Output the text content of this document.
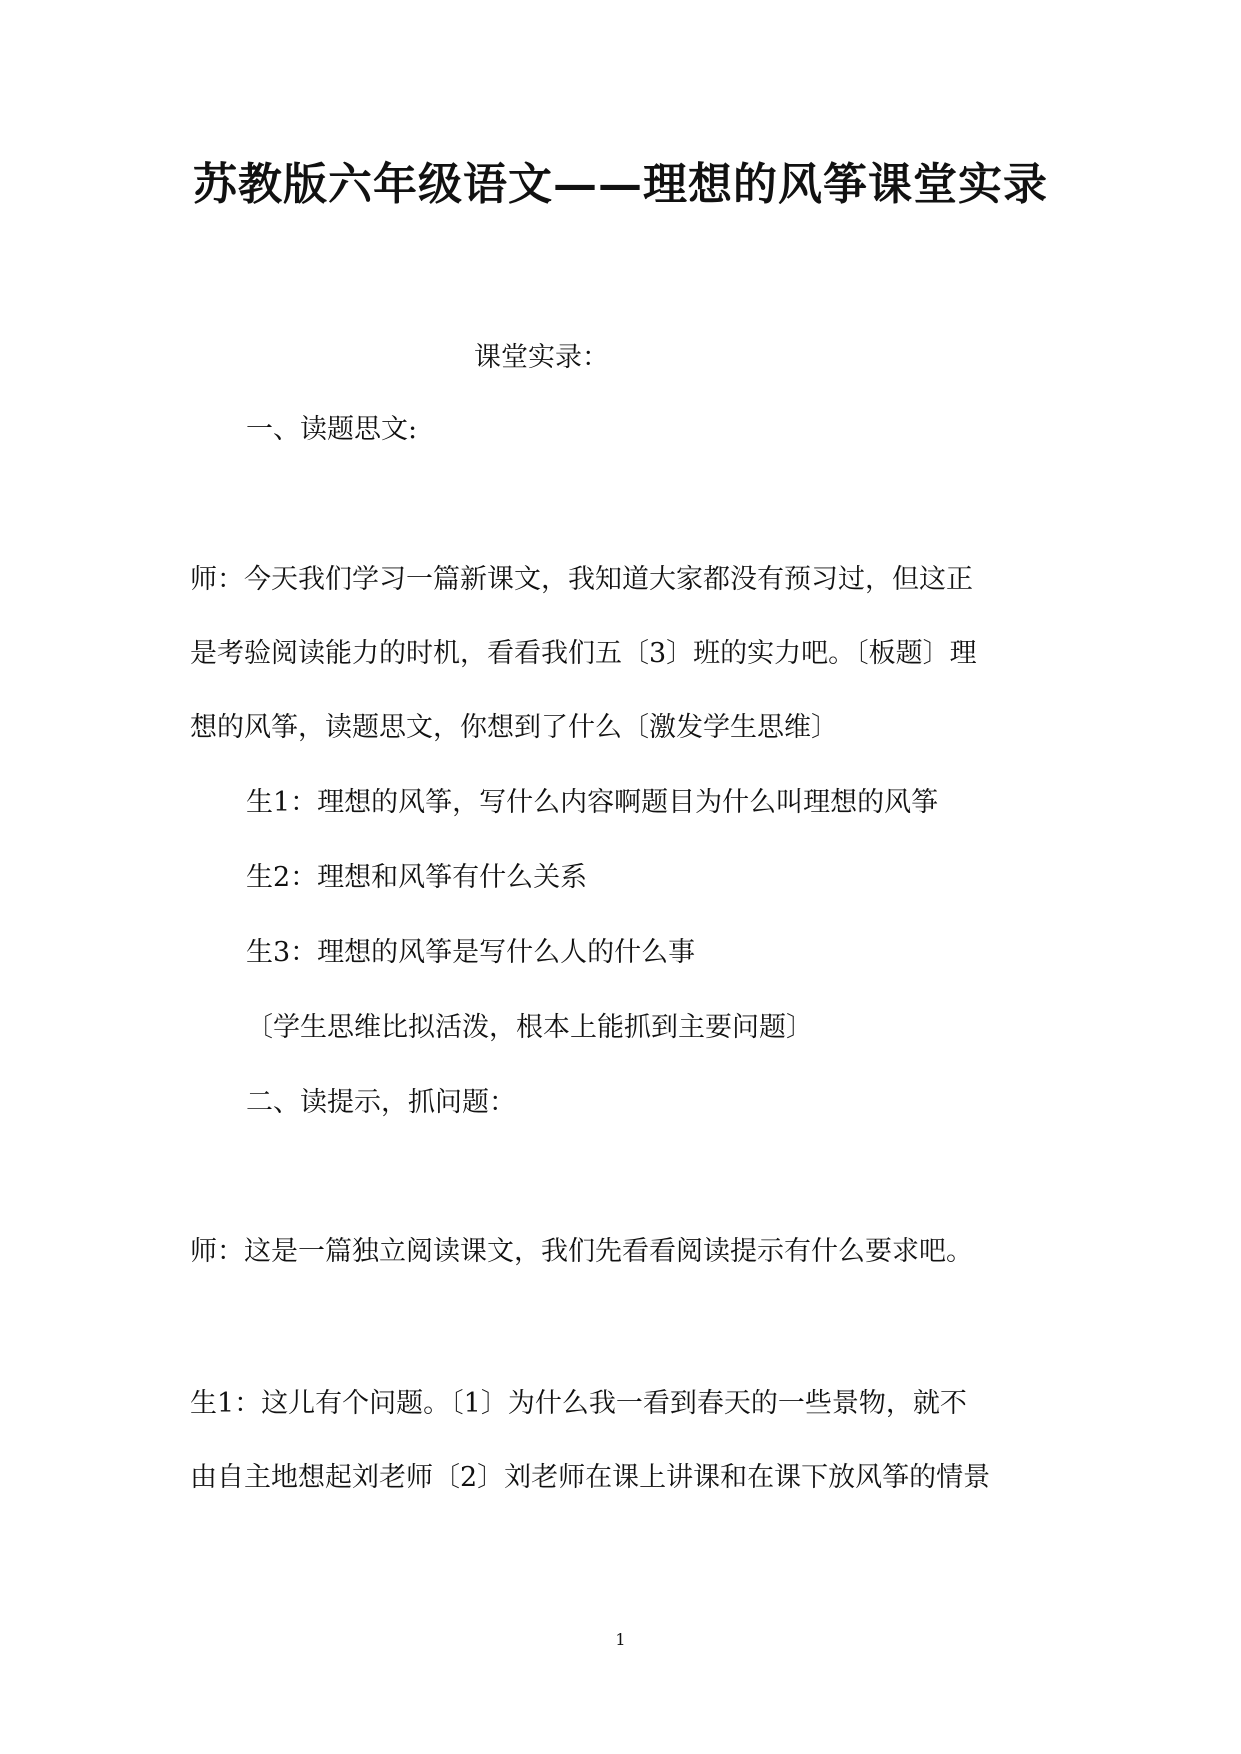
苏教版六年级语文——理想的风筝课堂实录
课堂实录：
一、读题思文:
师：今天我们学习一篇新课文，我知道大家都没有预习过，但这正
是考验阅读能力的时机，看看我们五〔3〕班的实力吧。〔板题〕理
想的风筝，读题思文，你想到了什么〔激发学生思维〕
生1：理想的风筝，写什么内容啊题目为什么叫理想的风筝
生2：理想和风筝有什么关系
生3：理想的风筝是写什么人的什么事
〔学生思维比拟活泼，根本上能抓到主要问题〕
二、读提示，抓问题：
师：这是一篇独立阅读课文，我们先看看阅读提示有什么要求吧。
生1：这儿有个问题。〔1〕为什么我一看到春天的一些景物，就不
由自主地想起刘老师〔2〕刘老师在课上讲课和在课下放风筝的情景
1
